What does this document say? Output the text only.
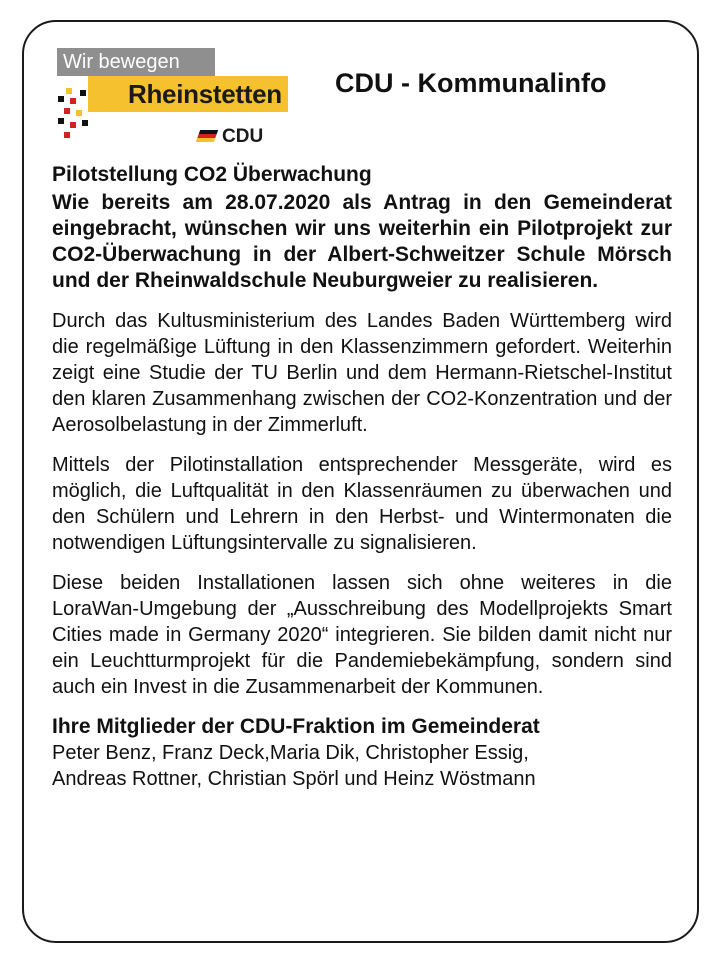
Wir bewegen
Rheinstetten
CDU
CDU - Kommunalinfo

Pilotstellung CO2 Überwachung

Wie bereits am 28.07.2020 als Antrag in den Gemeinderat eingebracht, wünschen wir uns weiterhin ein Pilotprojekt zur CO2-Überwachung in der Albert-Schweitzer Schule Mörsch und der Rheinwaldschule Neuburgweier zu realisieren.

Durch das Kultusministerium des Landes Baden Württemberg wird die regelmäßige Lüftung in den Klassenzimmern gefordert. Weiterhin zeigt eine Studie der TU Berlin und dem Hermann-Rietschel-Institut den klaren Zusammenhang zwischen der CO2-Konzentration und der Aerosolbelastung in der Zimmerluft.

Mittels der Pilotinstallation entsprechender Messgeräte, wird es möglich, die Luftqualität in den Klassenräumen zu überwachen und den Schülern und Lehrern in den Herbst- und Wintermonaten die notwendigen Lüftungsintervalle zu signalisieren.

Diese beiden Installationen lassen sich ohne weiteres in die LoraWan-Umgebung der „Ausschreibung des Modellprojekts Smart Cities made in Germany 2020“ integrieren. Sie bilden damit nicht nur ein Leuchtturmprojekt für die Pandemiebekämpfung, sondern sind auch ein Invest in die Zusammenarbeit der Kommunen.

Ihre Mitglieder der CDU-Fraktion im Gemeinderat

Peter Benz, Franz Deck,Maria Dik, Christopher Essig,

Andreas Rottner, Christian Spörl und Heinz Wöstmann
